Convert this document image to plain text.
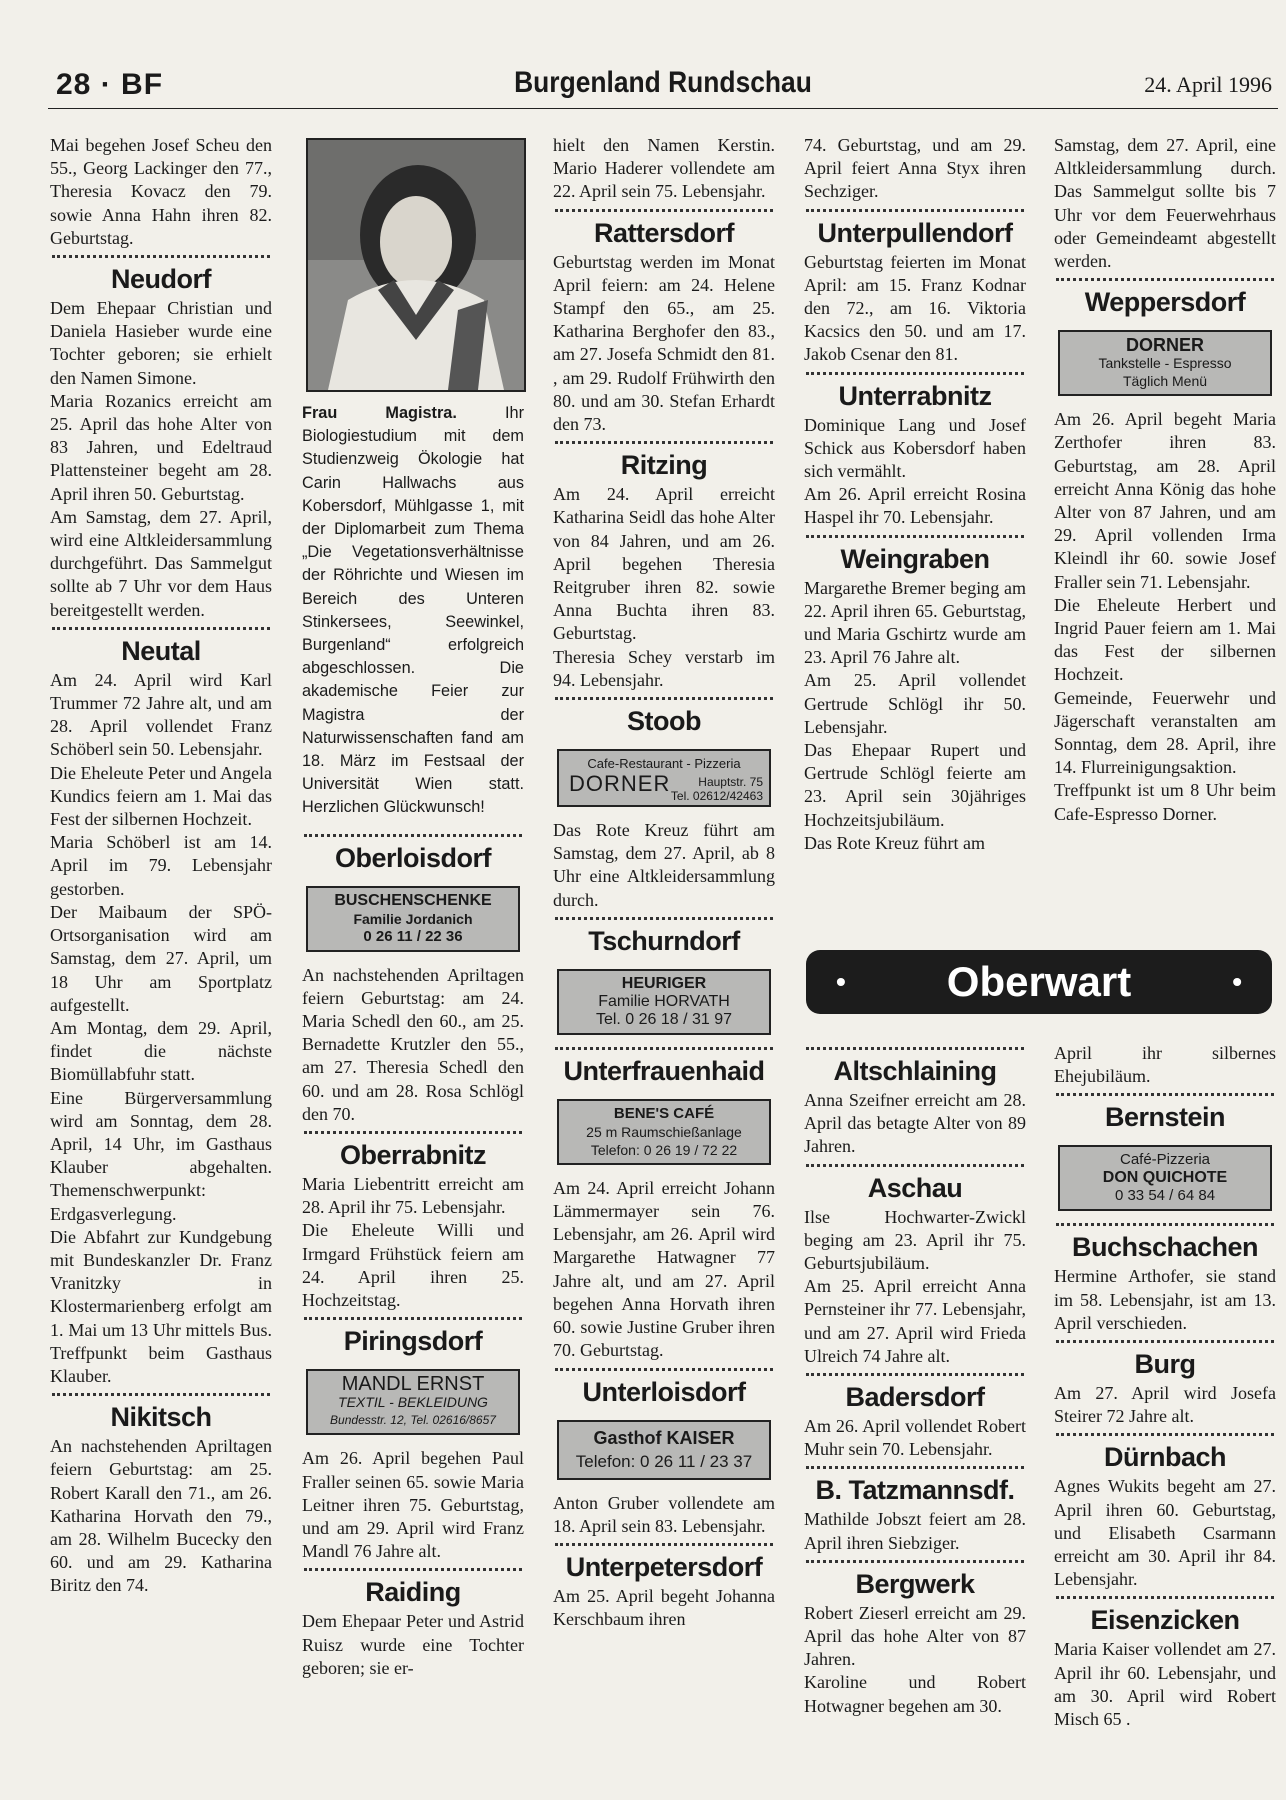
28 · BF	Burgenland Rundschau	24. April 1996

Mai begehen Josef Scheu den 55., Georg Lackinger den 77., Theresia Kovacz den 79. sowie Anna Hahn ihren 82. Geburtstag.

Neudorf

Dem Ehepaar Christian und Daniela Hasieber wurde eine Tochter geboren; sie erhielt den Namen Simone.

Maria Rozanics erreicht am 25. April das hohe Alter von 83 Jahren, und Edeltraud Plattensteiner begeht am 28. April ihren 50. Geburtstag.

Am Samstag, dem 27. April, wird eine Altkleidersammlung durchgeführt. Das Sammelgut sollte ab 7 Uhr vor dem Haus bereitgestellt werden.

Neutal

Am 24. April wird Karl Trummer 72 Jahre alt, und am 28. April vollendet Franz Schöberl sein 50. Lebensjahr.

Die Eheleute Peter und Angela Kundics feiern am 1. Mai das Fest der silbernen Hochzeit.

Maria Schöberl ist am 14. April im 79. Lebensjahr gestorben.

Der Maibaum der SPÖ-Ortsorganisation wird am Samstag, dem 27. April, um 18 Uhr am Sportplatz aufgestellt.

Am Montag, dem 29. April, findet die nächste Biomüllabfuhr statt.

Eine Bürgerversammlung wird am Sonntag, dem 28. April, 14 Uhr, im Gasthaus Klauber abgehalten. Themenschwerpunkt: Erdgasverlegung.

Die Abfahrt zur Kundgebung mit Bundeskanzler Dr. Franz Vranitzky in Klostermarienberg erfolgt am 1. Mai um 13 Uhr mittels Bus. Treffpunkt beim Gasthaus Klauber.

Nikitsch

An nachstehenden Apriltagen feiern Geburtstag: am 25. Robert Karall den 71., am 26. Katharina Horvath den 79., am 28. Wilhelm Bucecky den 60. und am 29. Katharina Biritz den 74.

Frau Magistra. Ihr Biologiestudium mit dem Studienzweig Ökologie hat Carin Hallwachs aus Kobersdorf, Mühlgasse 1, mit der Diplomarbeit zum Thema „Die Vegetationsverhältnisse der Röhrichte und Wiesen im Bereich des Unteren Stinkersees, Seewinkel, Burgenland“ erfolgreich abgeschlossen. Die akademische Feier zur Magistra der Naturwissenschaften fand am 18. März im Festsaal der Universität Wien statt. Herzlichen Glückwunsch!

Oberloisdorf
BUSCHENSCHENKE
Familie Jordanich
0 26 11 / 22 36

An nachstehenden Apriltagen feiern Geburtstag: am 24. Maria Schedl den 60., am 25. Bernadette Krutzler den 55., am 27. Theresia Schedl den 60. und am 28. Rosa Schlögl den 70.

Oberrabnitz

Maria Liebentritt erreicht am 28. April ihr 75. Lebensjahr.

Die Eheleute Willi und Irmgard Frühstück feiern am 24. April ihren 25. Hochzeitstag.

Piringsdorf
MANDL ERNST
TEXTIL - BEKLEIDUNG
Bundesstr. 12, Tel. 02616/8657

Am 26. April begehen Paul Fraller seinen 65. sowie Maria Leitner ihren 75. Geburtstag, und am 29. April wird Franz Mandl 76 Jahre alt.

Raiding

Dem Ehepaar Peter und Astrid Ruisz wurde eine Tochter geboren; sie er-

hielt den Namen Kerstin. Mario Haderer vollendete am 22. April sein 75. Lebensjahr.

Rattersdorf

Geburtstag werden im Monat April feiern: am 24. Helene Stampf den 65., am 25. Katharina Berghofer den 83., am 27. Josefa Schmidt den 81. , am 29. Rudolf Frühwirth den 80. und am 30. Stefan Erhardt den 73.

Ritzing

Am 24. April erreicht Katharina Seidl das hohe Alter von 84 Jahren, und am 26. April begehen Theresia Reitgruber ihren 82. sowie Anna Buchta ihren 83. Geburtstag.

Theresia Schey verstarb im 94. Lebensjahr.

Stoob
Cafe-Restaurant - Pizzeria
DORNER	Hauptstr. 75
Tel. 02612/42463

Das Rote Kreuz führt am Samstag, dem 27. April, ab 8 Uhr eine Altkleidersammlung durch.

Tschurndorf
HEURIGER
Familie HORVATH
Tel. 0 26 18 / 31 97
Unterfrauenhaid
BENE'S CAFÉ
25 m Raumschießanlage
Telefon: 0 26 19 / 72 22

Am 24. April erreicht Johann Lämmermayer sein 76. Lebensjahr, am 26. April wird Margarethe Hatwagner 77 Jahre alt, und am 27. April begehen Anna Horvath ihren 60. sowie Justine Gruber ihren 70. Geburtstag.

Unterloisdorf
Gasthof KAISER
Telefon: 0 26 11 / 23 37

Anton Gruber vollendete am 18. April sein 83. Lebensjahr.

Unterpetersdorf

Am 25. April begeht Johanna Kerschbaum ihren

74. Geburtstag, und am 29. April feiert Anna Styx ihren Sechziger.

Unterpullendorf

Geburtstag feierten im Monat April: am 15. Franz Kodnar den 72., am 16. Viktoria Kacsics den 50. und am 17. Jakob Csenar den 81.

Unterrabnitz

Dominique Lang und Josef Schick aus Kobersdorf haben sich vermählt.

Am 26. April erreicht Rosina Haspel ihr 70. Lebensjahr.

Weingraben

Margarethe Bremer beging am 22. April ihren 65. Geburtstag, und Maria Gschirtz wurde am 23. April 76 Jahre alt.

Am 25. April vollendet Gertrude Schlögl ihr 50. Lebensjahr.

Das Ehepaar Rupert und Gertrude Schlögl feierte am 23. April sein 30jähriges Hochzeitsjubiläum.

Das Rote Kreuz führt am

Samstag, dem 27. April, eine Altkleidersammlung durch. Das Sammelgut sollte bis 7 Uhr vor dem Feuerwehrhaus oder Gemeindeamt abgestellt werden.

Weppersdorf
DORNER
Tankstelle - Espresso
Täglich Menü

Am 26. April begeht Maria Zerthofer ihren 83. Geburtstag, am 28. April erreicht Anna König das hohe Alter von 87 Jahren, und am 29. April vollenden Irma Kleindl ihr 60. sowie Josef Fraller sein 71. Lebensjahr.

Die Eheleute Herbert und Ingrid Pauer feiern am 1. Mai das Fest der silbernen Hochzeit.

Gemeinde, Feuerwehr und Jägerschaft veranstalten am Sonntag, dem 28. April, ihre 14. Flurreinigungsaktion.

Treffpunkt ist um 8 Uhr beim Cafe-Espresso Dorner.

• Oberwart	•
Altschlaining

Anna Szeifner erreicht am 28. April das betagte Alter von 89 Jahren.

Aschau

Ilse Hochwarter-Zwickl beging am 23. April ihr 75. Geburtsjubiläum.

Am 25. April erreicht Anna Pernsteiner ihr 77. Lebensjahr, und am 27. April wird Frieda Ulreich 74 Jahre alt.

Badersdorf

Am 26. April vollendet Robert Muhr sein 70. Lebensjahr.

B. Tatzmannsdf.

Mathilde Jobszt feiert am 28. April ihren Siebziger.

Bergwerk

Robert Zieserl erreicht am 29. April das hohe Alter von 87 Jahren.

Karoline und Robert Hotwagner begehen am 30.

April ihr silbernes Ehejubiläum.

Bernstein
Café-Pizzeria
DON QUICHOTE
0 33 54 / 64 84
Buchschachen

Hermine Arthofer, sie stand im 58. Lebensjahr, ist am 13. April verschieden.

Burg

Am 27. April wird Josefa Steirer 72 Jahre alt.

Dürnbach

Agnes Wukits begeht am 27. April ihren 60. Geburtstag, und Elisabeth Csarmann erreicht am 30. April ihr 84. Lebensjahr.

Eisenzicken

Maria Kaiser vollendet am 27. April ihr 60. Lebensjahr, und am 30. April wird Robert Misch 65 .
